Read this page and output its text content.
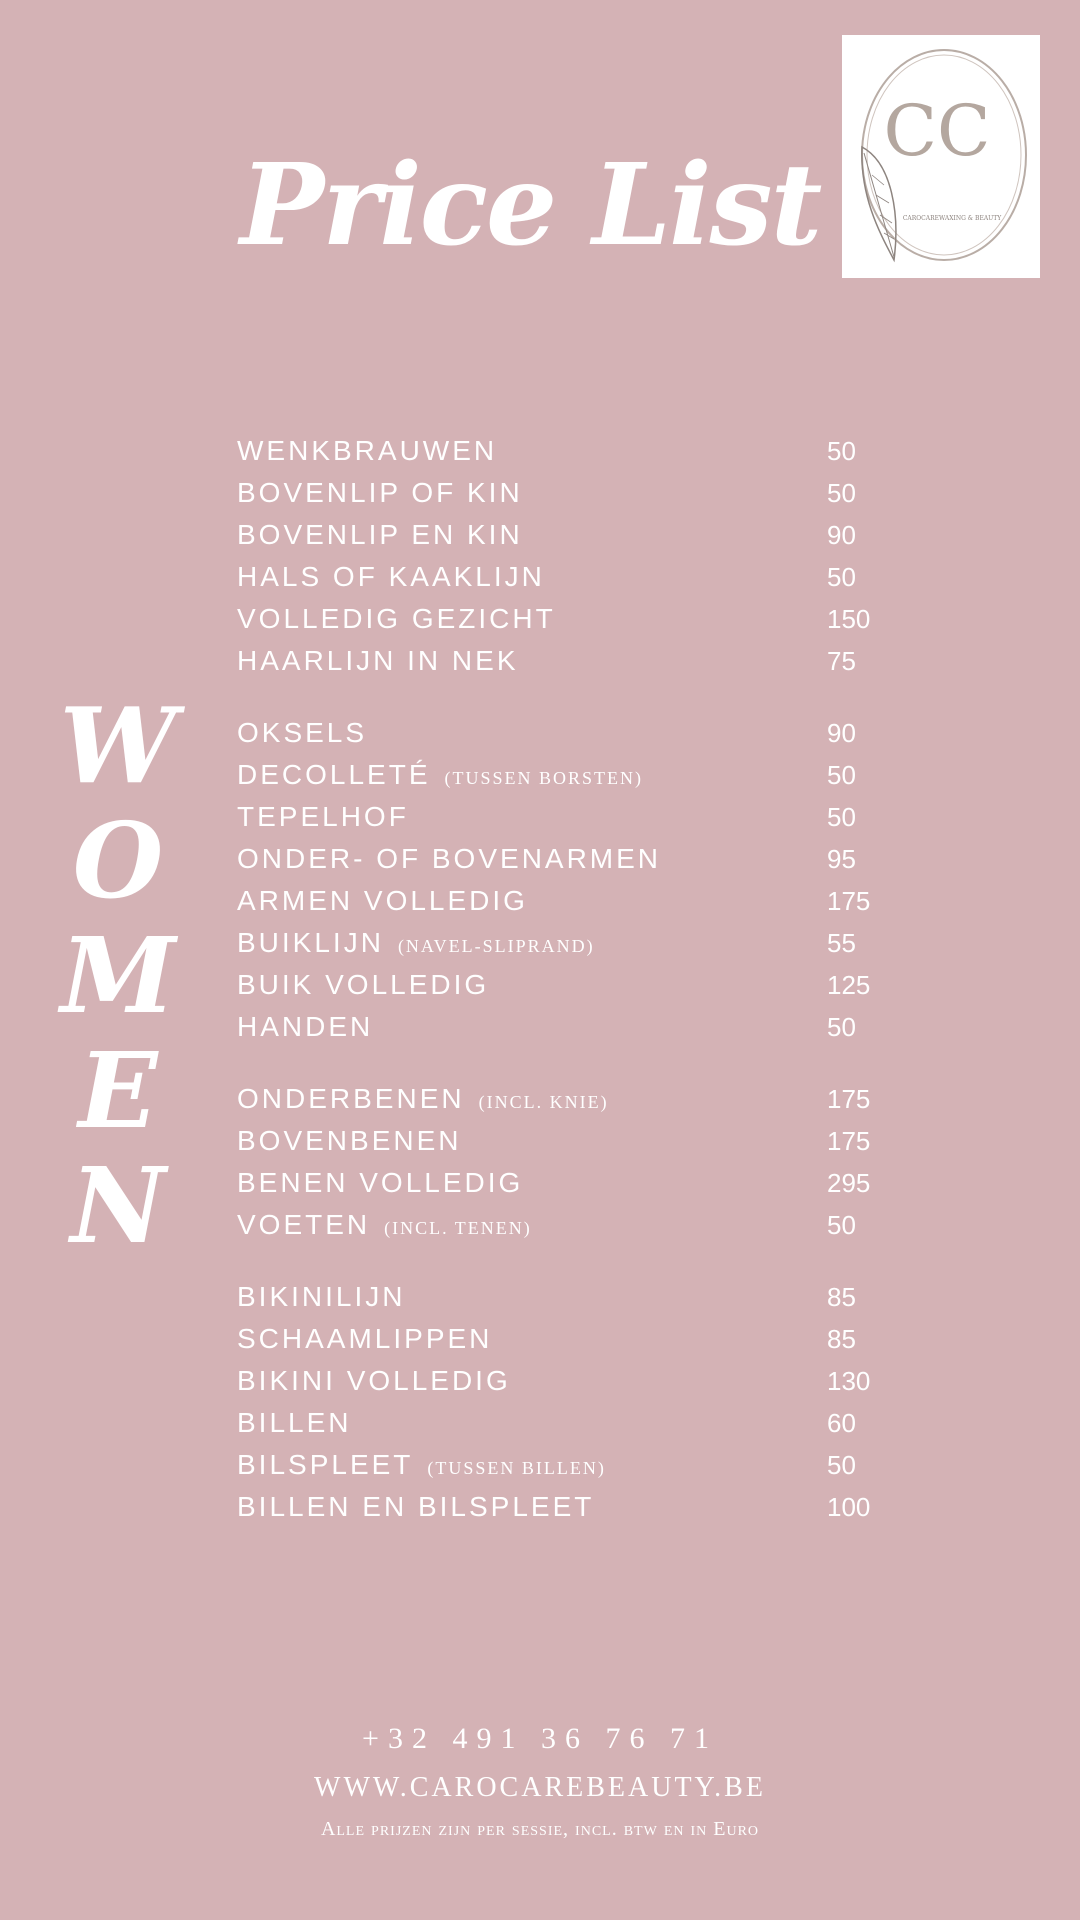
Price List
CC
CAROCAREWAXING & BEAUTY
W
O
M
E
N
WENKBRAUWEN	50
BOVENLIP OF KIN	50
BOVENLIP EN KIN	90
HALS OF KAAKLIJN	50
VOLLEDIG GEZICHT	150
HAARLIJN IN NEK	75
OKSELS	90
DECOLLETÉ (TUSSEN BORSTEN)	50
TEPELHOF	50
ONDER- OF BOVENARMEN	95
ARMEN VOLLEDIG	175
BUIKLIJN (NAVEL-SLIPRAND)	55
BUIK VOLLEDIG	125
HANDEN	50
ONDERBENEN (INCL. KNIE)	175
BOVENBENEN	175
BENEN VOLLEDIG	295
VOETEN (INCL. TENEN)	50
BIKINILIJN	85
SCHAAMLIPPEN	85
BIKINI VOLLEDIG	130
BILLEN	60
BILSPLEET (TUSSEN BILLEN)	50
BILLEN EN BILSPLEET	100
+32 491 36 76 71
WWW.CAROCAREBEAUTY.BE
Alle prijzen zijn per sessie, incl. btw en in Euro
